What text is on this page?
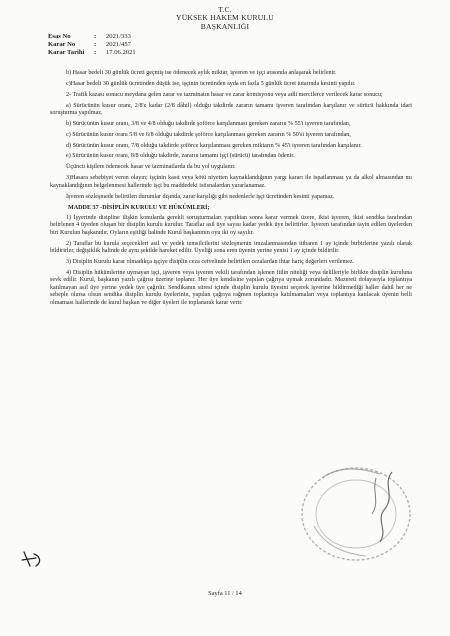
T.C.
YÜKSEK HAKEM KURULU
BAŞKANLIĞI
Esas No	:	2021/333
Karar No	:	2021/457
Karar Tarihi	:	17.06.2021

b) Hasar bedeli 30 günlük ücreti geçmiş ise ödenecek aylık miktar, işveren ve işçi arasında anlaşarak belirlenir.

c)Hasar bedeli 30 günlük ücretinden düşük ise, işçinin ücretinden ayda en fazla 5 günlük ücret tutarında kesinti yapılır.

2- Trafik kazası sonucu meydana gelen zarar ve tazminatın hasar ve zarar komisyonu veya adli mercilerce verilecek karar sonucu;

a) Sürücünün kusur oranı, 2/8'e kadar (2/8 dâhil) olduğu takdirde zararın tamamı işveren tarafından karşılanır ve sürücü hakkında idari soruşturma yapılmaz.

b) Sürücünün kusur oranı, 3/8 ve 4/8 olduğu takdirde şoförce karşılanması gereken zararın % 55'i işveren tarafından,

c) Sürücünün kusur oranı 5/8 ve 6/8 olduğu takdirde şoförce karşılanması gereken zararın % 50'si işveren tarafından,

d) Sürücünün kusur oranı, 7/8 olduğu takdirde şoförce karşılanması gereken miktarın % 45'i işveren tarafından karşılanır.

e) Sürücünün kusur oranı, 8/8 olduğu takdirde, zararın tamamı işçi (sürücü) tarafından ödenir.

Üçüncü kişilere ödenecek hasar ve tazminatlarda da bu yol uygulanır.

3)Hasara sebebiyet veren olayın; işçinin kasıt veya kötü niyetten kaynaklandığının yargı kararı ile ispatlanması ya da alkol almasından mı kaynaklandığının belgelenmesi hallerinde işçi bu maddedeki istisnalardan yararlanamaz.

İşveren sözleşmede belirtilen durumlar dışında, zarar karşılığı gibi nedenlerle işçi ücretinden kesinti yapamaz.

MADDE 37 -DİSİPLİN KURULU VE HÜKÜMLERİ;

1) İşyerinde disipline ilişkin konularda gerekli soruşturmaları yapıtktan sonra karar vermek üzere, ikisi işveren, ikisi sendika tarafından belirlenen 4 üyeden oluşan bir disiplin kurulu kurulur. Taraflar asil üye sayısı kadar yedek üye belirtirler. İşveren tarafından tayin edilen üyelerden biri Kurulun başkanıdır. Oyların eşitliği halinde Kurul başkanının oyu iki oy sayılır.

2) Taraflar bu kurula seçecekleri asil ve yedek temsilcilerini sözleşmenin imzalanmasından itibaren 1 ay içinde birbirlerine yazılı olarak bildirirler, değişiklik halinde de aynı şekilde hareket edilir. Üyeliği sona eren üyenin yerine yenisi 1 ay içinde bildirilir.

3) Disiplin Kurulu karar olmadıkça işçiye disiplin ceza cetvelinde belirtilen cezalardan ihtar hariç değerleri verilemez.

4) Disiplin hükümlerine uymayan işçi, işveren veya işveren vekili tarafından işlenen fiilin niteliği veya delilleriyle birlikte disiplin kuruluna sevk edilir. Kurul, başkanın yazılı çağrısı üzerine toplanır. Her üye kendisine yapılan çağrıya uymak zorundadır. Mazereti dolayısıyla toplantıya katılmayan asil üye yerine yedek üye çağrılır. Sendikanın süresi içinde disiplin kurulu üyesini seçerek işverine bildirmediği haller dahil her ne sebeple olursa olsun sendika disiplin kurulu üyelerinin, yapılan çağrıya rağmen toplantıya katılmamaları veya toplantıya katılacak üyenin belli olmaması hallerinde de kurul başkan ve diğer üyeleri ile toplanarak karar verir.

Sayfa 11 / 14
